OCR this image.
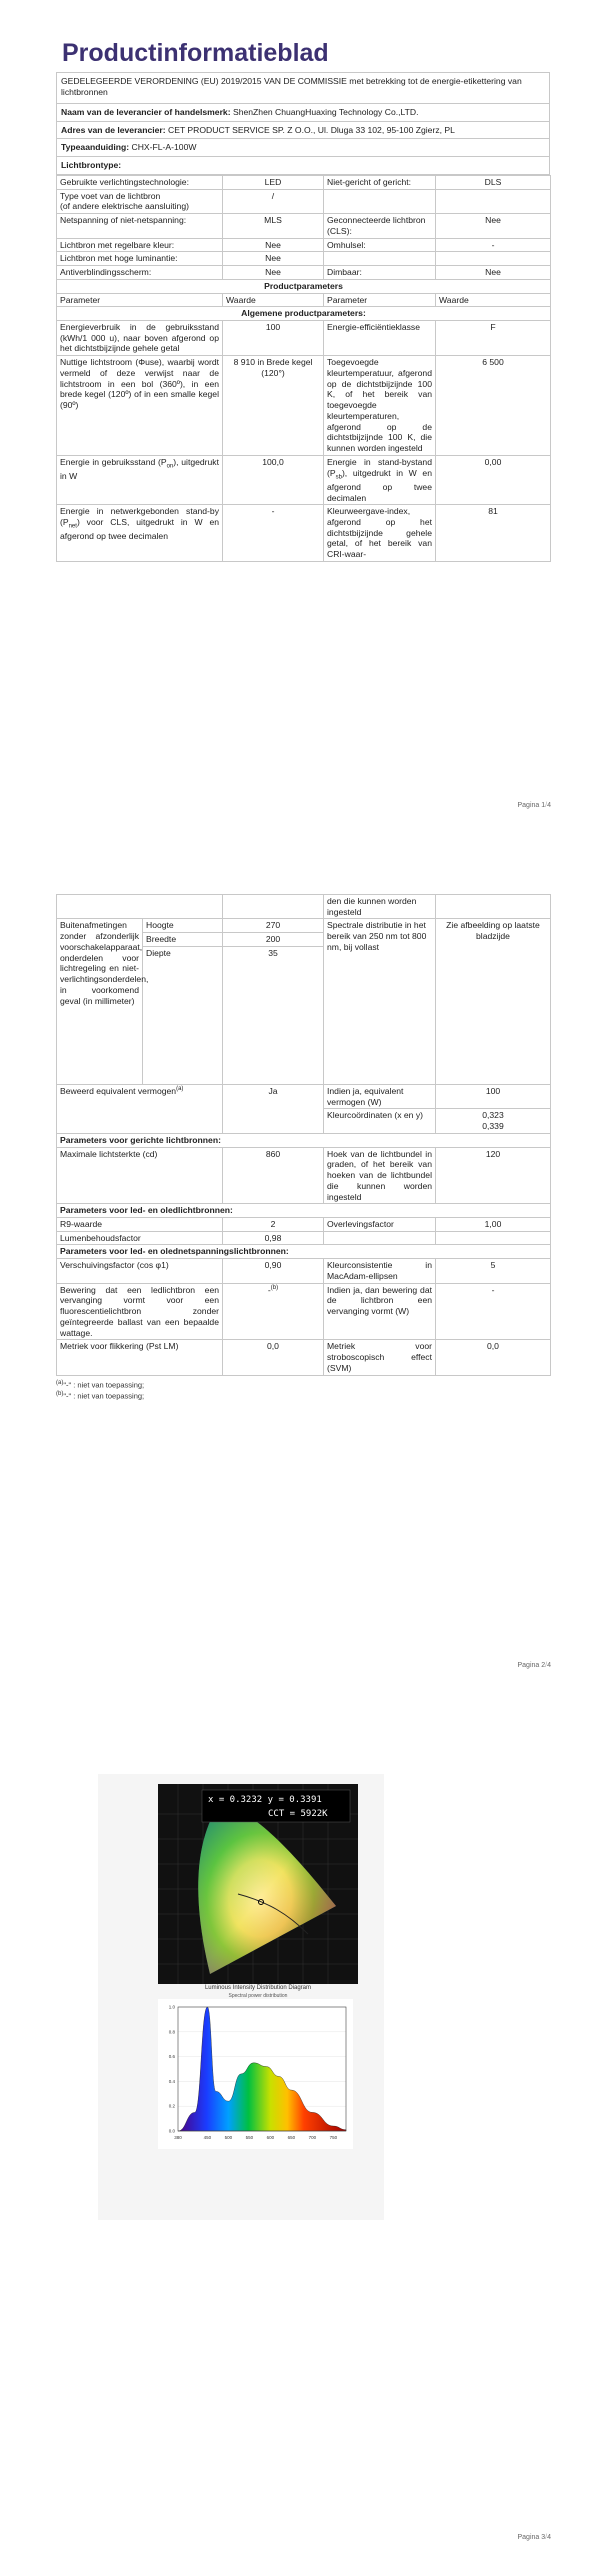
Productinformatieblad
GEDELEGEERDE VERORDENING (EU) 2019/2015 VAN DE COMMISSIE met betrekking tot de energie-etikettering van lichtbronnen
Naam van de leverancier of handelsmerk: ShenZhen ChuangHuaxing Technology Co.,LTD.
Adres van de leverancier: CET PRODUCT SERVICE SP. Z O.O., Ul. Dluga 33 102, 95-100 Zgierz, PL
Typeaanduiding: CHX-FL-A-100W
Lichtbrontype:
Gebruikte verlichtingstechnologie:	LED	Niet-gericht of gericht:	DLS
Type voet van de lichtbron
(of andere elektrische aansluiting)	/		
Netspanning of niet-netspanning:	MLS	Geconnecteerde lichtbron (CLS):	Nee
Lichtbron met regelbare kleur:	Nee	Omhulsel:	-
Lichtbron met hoge luminantie:	Nee		
Antiverblindingsscherm:	Nee	Dimbaar:	Nee
Productparameters			
Parameter	Waarde	Parameter	Waarde
Algemene productparameters:			
Energieverbruik in de gebruiksstand (kWh/1 000 u), naar boven afgerond op het dichtstbijzijnde gehele getal	100	Energie-efficiëntieklasse	F
Nuttige lichtstroom (Φuse), waarbij wordt vermeld of deze verwijst naar de lichtstroom in een bol (360º), in een brede kegel (120º) of in een smalle kegel (90º)	8 910 in Brede kegel (120°)	Toegevoegde kleurtemperatuur, afgerond op de dichtstbijzijnde 100 K, of het bereik van toegevoegde kleurtemperaturen, afgerond op de dichtstbijzijnde 100 K, die kunnen worden ingesteld	6 500
Energie in gebruiksstand $(P_{on})$, uitgedrukt in W	100,0	Energie in stand-bystand $(P_{sb})$, uitgedrukt in W en afgerond op twee decimalen	0,00
Energie in netwerkgebonden stand-by $(P_{net})$ voor CLS, uitgedrukt in W en afgerond op twee decimalen	-	Kleurweergave-index, afgerond op het dichtstbijzijnde gehele getal, of het bereik van CRI-waar-	81
Pagina 1/4
			den die kunnen worden ingesteld	
Buitenafmetingen zonder afzonderlijk voorschakelapparaat, onderdelen voor lichtregeling en niet-verlichtingsonderdelen, in voorkomend geval (in millimeter)	Hoogte	270	Spectrale distributie in het bereik van 250 nm tot 800 nm, bij vollast	Zie afbeelding op laatste bladzijde
	Breedte	200		
	Diepte	35		
Beweerd equivalent vermogen$^{(a)}$		Ja	Indien ja, equivalent vermogen (W)	100
			Kleurcoördinaten (x en y)	0,323
0,339
Parameters voor gerichte lichtbronnen:				
Maximale lichtsterkte (cd)		860	Hoek van de lichtbundel in graden, of het bereik van hoeken van de lichtbundel die kunnen worden ingesteld	120
Parameters voor led- en oledlichtbronnen:				
R9-waarde		2	Overlevingsfactor	1,00
Lumenbehoudsfactor		0,98		
Parameters voor led- en olednetspanningslichtbronnen:				
Verschuivingsfactor (cos φ1)		0,90	Kleurconsistentie in MacAdam-ellipsen	5
Bewering dat een ledlichtbron een vervanging vormt voor een fluorescentielichtbron zonder geïntegreerde ballast van een bepaalde wattage.		-$^{(b)}$	Indien ja, dan bewering dat de lichtbron een vervanging vormt (W)	-
Metriek voor flikkering (Pst LM)		0,0	Metriek voor stroboscopisch effect (SVM)	0,0
$^{(a)}$"-" : niet van toepassing;
$^{(b)}$"-" : niet van toepassing;
Pagina 2/4
x = 0.3232 y = 0.3391
CCT = 5922K
Luminous Intensity Distribution Diagram
Spectral power distribution
380	450	500	550	600	650	700	750
0.0
0.2
0.4
0.6
0.8
1.0
Pagina 3/4
